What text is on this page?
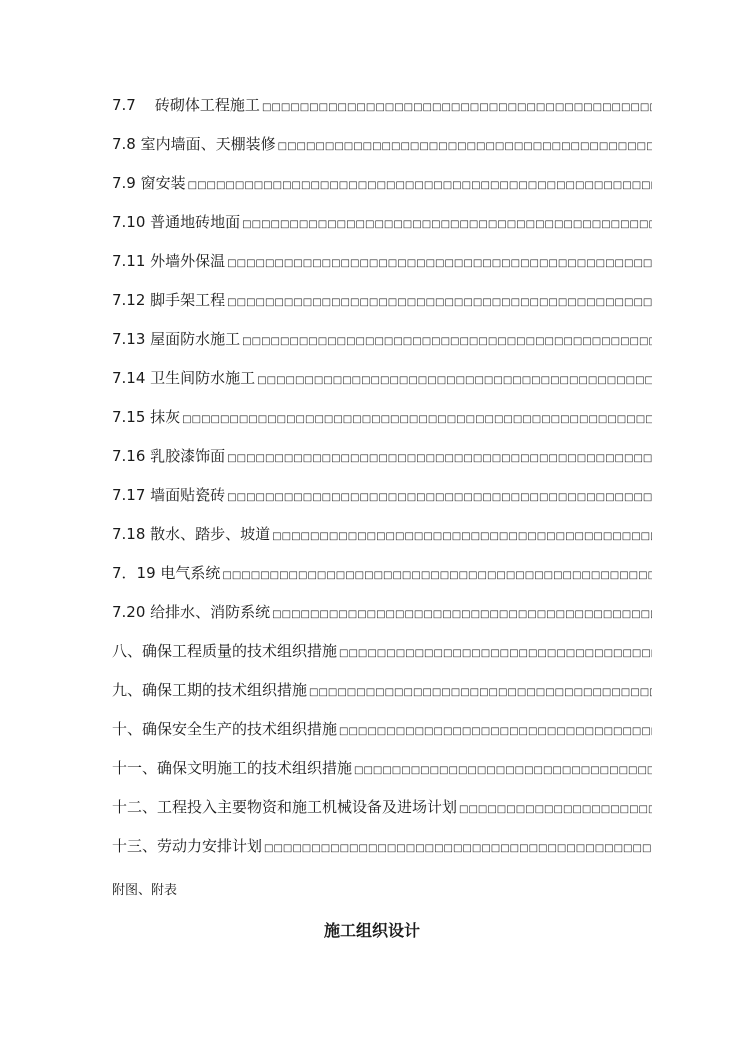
7.7    砖砌体工程施工
□□□□□□□□□□□□□□□□□□□□□□□□□□□□□□□□□□□□□□□□□□□□□□□□□□□□□□□□□□□□□□□□□□□□□□□□□□□□□□□□□□□□□□□□□□□□□□□□□□□□□□□□□□□□□□□□□□□□□□□□□□□□□□□□□□□□□□□□□□□□
7.8 室内墙面、天棚装修
□□□□□□□□□□□□□□□□□□□□□□□□□□□□□□□□□□□□□□□□□□□□□□□□□□□□□□□□□□□□□□□□□□□□□□□□□□□□□□□□□□□□□□□□□□□□□□□□□□□□□□□□□□□□□□□□□□□□□□□□□□□□□□□□□□□□□□□□□□□□
7.9 窗安装
□□□□□□□□□□□□□□□□□□□□□□□□□□□□□□□□□□□□□□□□□□□□□□□□□□□□□□□□□□□□□□□□□□□□□□□□□□□□□□□□□□□□□□□□□□□□□□□□□□□□□□□□□□□□□□□□□□□□□□□□□□□□□□□□□□□□□□□□□□□□
7.10 普通地砖地面
□□□□□□□□□□□□□□□□□□□□□□□□□□□□□□□□□□□□□□□□□□□□□□□□□□□□□□□□□□□□□□□□□□□□□□□□□□□□□□□□□□□□□□□□□□□□□□□□□□□□□□□□□□□□□□□□□□□□□□□□□□□□□□□□□□□□□□□□□□□□
7.11 外墙外保温
□□□□□□□□□□□□□□□□□□□□□□□□□□□□□□□□□□□□□□□□□□□□□□□□□□□□□□□□□□□□□□□□□□□□□□□□□□□□□□□□□□□□□□□□□□□□□□□□□□□□□□□□□□□□□□□□□□□□□□□□□□□□□□□□□□□□□□□□□□□□
7.12 脚手架工程
□□□□□□□□□□□□□□□□□□□□□□□□□□□□□□□□□□□□□□□□□□□□□□□□□□□□□□□□□□□□□□□□□□□□□□□□□□□□□□□□□□□□□□□□□□□□□□□□□□□□□□□□□□□□□□□□□□□□□□□□□□□□□□□□□□□□□□□□□□□□
7.13 屋面防水施工
□□□□□□□□□□□□□□□□□□□□□□□□□□□□□□□□□□□□□□□□□□□□□□□□□□□□□□□□□□□□□□□□□□□□□□□□□□□□□□□□□□□□□□□□□□□□□□□□□□□□□□□□□□□□□□□□□□□□□□□□□□□□□□□□□□□□□□□□□□□□
7.14 卫生间防水施工
□□□□□□□□□□□□□□□□□□□□□□□□□□□□□□□□□□□□□□□□□□□□□□□□□□□□□□□□□□□□□□□□□□□□□□□□□□□□□□□□□□□□□□□□□□□□□□□□□□□□□□□□□□□□□□□□□□□□□□□□□□□□□□□□□□□□□□□□□□□□
7.15 抹灰
□□□□□□□□□□□□□□□□□□□□□□□□□□□□□□□□□□□□□□□□□□□□□□□□□□□□□□□□□□□□□□□□□□□□□□□□□□□□□□□□□□□□□□□□□□□□□□□□□□□□□□□□□□□□□□□□□□□□□□□□□□□□□□□□□□□□□□□□□□□□
7.16 乳胶漆饰面
□□□□□□□□□□□□□□□□□□□□□□□□□□□□□□□□□□□□□□□□□□□□□□□□□□□□□□□□□□□□□□□□□□□□□□□□□□□□□□□□□□□□□□□□□□□□□□□□□□□□□□□□□□□□□□□□□□□□□□□□□□□□□□□□□□□□□□□□□□□□
7.17 墙面贴瓷砖
□□□□□□□□□□□□□□□□□□□□□□□□□□□□□□□□□□□□□□□□□□□□□□□□□□□□□□□□□□□□□□□□□□□□□□□□□□□□□□□□□□□□□□□□□□□□□□□□□□□□□□□□□□□□□□□□□□□□□□□□□□□□□□□□□□□□□□□□□□□□
7.18 散水、踏步、坡道
□□□□□□□□□□□□□□□□□□□□□□□□□□□□□□□□□□□□□□□□□□□□□□□□□□□□□□□□□□□□□□□□□□□□□□□□□□□□□□□□□□□□□□□□□□□□□□□□□□□□□□□□□□□□□□□□□□□□□□□□□□□□□□□□□□□□□□□□□□□□
7．19 电气系统
□□□□□□□□□□□□□□□□□□□□□□□□□□□□□□□□□□□□□□□□□□□□□□□□□□□□□□□□□□□□□□□□□□□□□□□□□□□□□□□□□□□□□□□□□□□□□□□□□□□□□□□□□□□□□□□□□□□□□□□□□□□□□□□□□□□□□□□□□□□□
7.20 给排水、消防系统
□□□□□□□□□□□□□□□□□□□□□□□□□□□□□□□□□□□□□□□□□□□□□□□□□□□□□□□□□□□□□□□□□□□□□□□□□□□□□□□□□□□□□□□□□□□□□□□□□□□□□□□□□□□□□□□□□□□□□□□□□□□□□□□□□□□□□□□□□□□□
八、确保工程质量的技术组织措施
□□□□□□□□□□□□□□□□□□□□□□□□□□□□□□□□□□□□□□□□□□□□□□□□□□□□□□□□□□□□□□□□□□□□□□□□□□□□□□□□□□□□□□□□□□□□□□□□□□□□□□□□□□□□□□□□□□□□□□□□□□□□□□□□□□□□□□□□□□□□
九、确保工期的技术组织措施
□□□□□□□□□□□□□□□□□□□□□□□□□□□□□□□□□□□□□□□□□□□□□□□□□□□□□□□□□□□□□□□□□□□□□□□□□□□□□□□□□□□□□□□□□□□□□□□□□□□□□□□□□□□□□□□□□□□□□□□□□□□□□□□□□□□□□□□□□□□□
十、确保安全生产的技术组织措施
□□□□□□□□□□□□□□□□□□□□□□□□□□□□□□□□□□□□□□□□□□□□□□□□□□□□□□□□□□□□□□□□□□□□□□□□□□□□□□□□□□□□□□□□□□□□□□□□□□□□□□□□□□□□□□□□□□□□□□□□□□□□□□□□□□□□□□□□□□□□
十一、确保文明施工的技术组织措施
□□□□□□□□□□□□□□□□□□□□□□□□□□□□□□□□□□□□□□□□□□□□□□□□□□□□□□□□□□□□□□□□□□□□□□□□□□□□□□□□□□□□□□□□□□□□□□□□□□□□□□□□□□□□□□□□□□□□□□□□□□□□□□□□□□□□□□□□□□□□
十二、工程投入主要物资和施工机械设备及进场计划
□□□□□□□□□□□□□□□□□□□□□□□□□□□□□□□□□□□□□□□□□□□□□□□□□□□□□□□□□□□□□□□□□□□□□□□□□□□□□□□□□□□□□□□□□□□□□□□□□□□□□□□□□□□□□□□□□□□□□□□□□□□□□□□□□□□□□□□□□□□□
十三、劳动力安排计划
□□□□□□□□□□□□□□□□□□□□□□□□□□□□□□□□□□□□□□□□□□□□□□□□□□□□□□□□□□□□□□□□□□□□□□□□□□□□□□□□□□□□□□□□□□□□□□□□□□□□□□□□□□□□□□□□□□□□□□□□□□□□□□□□□□□□□□□□□□□□
附图、附表
施工组织设计
